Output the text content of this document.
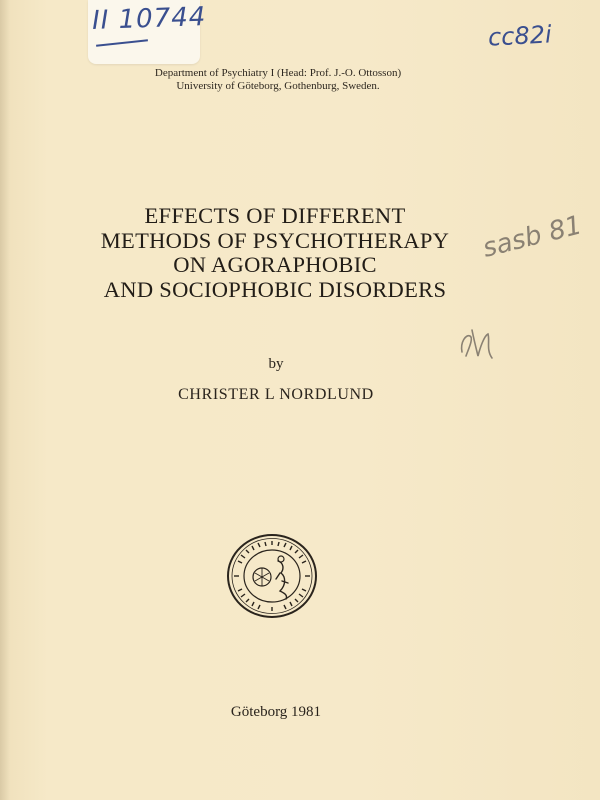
II 10744
cc82i
sasb 81
Department of Psychiatry I (Head: Prof. J.-O. Ottosson)
University of Göteborg, Gothenburg, Sweden.
EFFECTS OF DIFFERENT
METHODS OF PSYCHOTHERAPY
ON AGORAPHOBIC
AND SOCIOPHOBIC DISORDERS
by
CHRISTER L NORDLUND
Göteborg 1981
